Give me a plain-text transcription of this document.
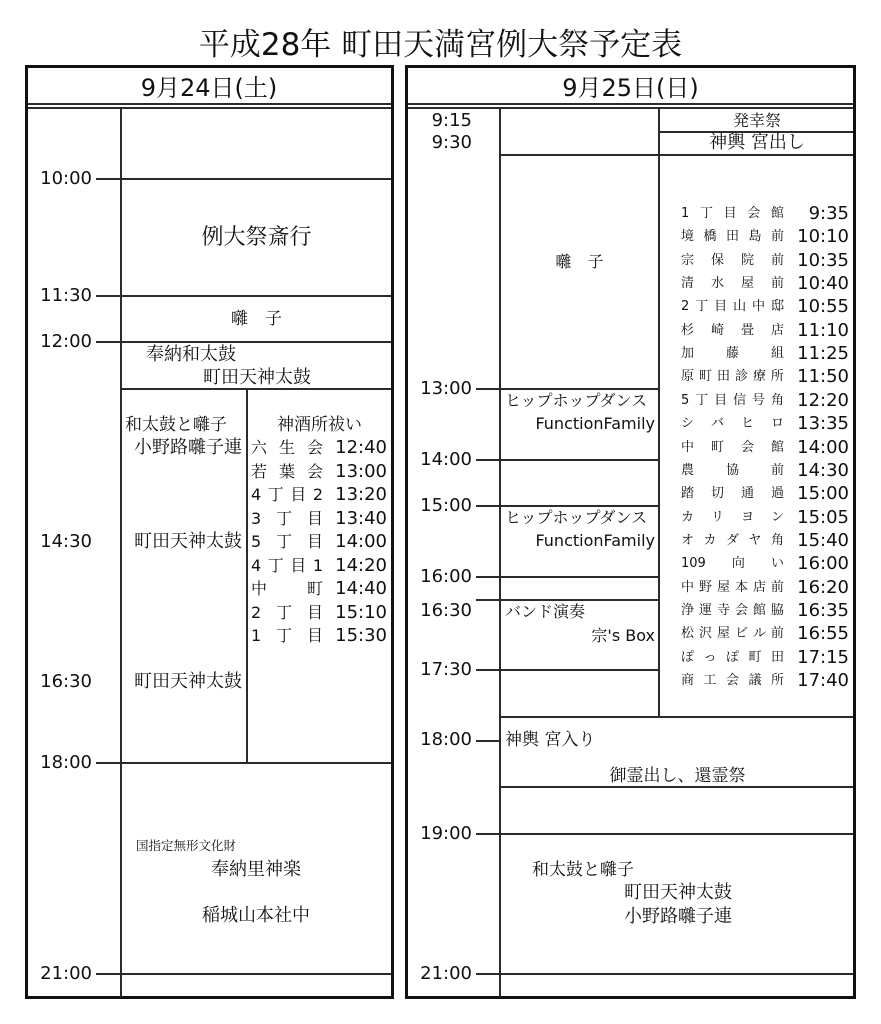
平成28年 町田天満宮例大祭予定表
9月24日(土)
10:00
11:30
12:00
14:30
16:30
18:00
21:00
例大祭斎行
囃　子
奉納和太鼓
町田天神太鼓
和太鼓と囃子
小野路囃子連
町田天神太鼓
町田天神太鼓
神酒所祓い
六 生 会 12:40
若 葉 会 13:00
4 丁 目 2 13:20
3 丁 目 13:40
5 丁 目 14:00
4 丁 目 1 14:20
中 町 14:40
2 丁 目 15:10
1 丁 目 15:30
国指定無形文化財
奉納里神楽
稲城山本社中
9月25日(日)
9:15
9:30
13:00
14:00
15:00
16:00
16:30
17:30
18:00
19:00
21:00
発幸祭
神輿 宮出し
囃　子
ヒップホップダンス
FunctionFamily
ヒップホップダンス
FunctionFamily
バンド演奏
宗's Box
1 丁 目 会 館 9:35
境 橋 田 島 前 10:10
宗 保 院 前 10:35
清 水 屋 前 10:40
2 丁 目 山 中 邸 10:55
杉 崎 畳 店 11:10
加 藤 組 11:25
原 町 田 診 療 所 11:50
5 丁 目 信 号 角 12:20
シ バ ヒ ロ 13:35
中 町 会 館 14:00
農 協 前 14:30
踏 切 通 過 15:00
カ リ ヨ ン 15:05
オ カ ダ ヤ 角 15:40
109 向 い 16:00
中 野 屋 本 店 前 16:20
浄 運 寺 会 館 脇 16:35
松 沢 屋 ビ ル 前 16:55
ぽ っ ぽ 町 田 17:15
商 工 会 議 所 17:40
神輿 宮入り
御霊出し、還霊祭
和太鼓と囃子
町田天神太鼓
小野路囃子連
